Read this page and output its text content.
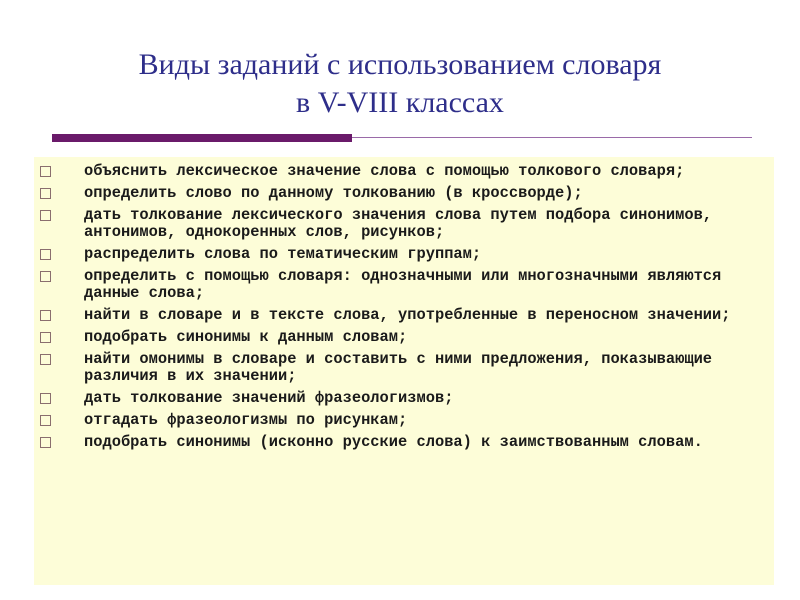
Виды заданий с использованием словаря
в V-VIII классах
объяснить лексическое значение слова с помощью толкового словаря;
определить слово по данному толкованию (в кроссворде);
дать толкование лексического значения слова путем подбора синонимов, антонимов, однокоренных слов, рисунков;
распределить слова по тематическим группам;
определить с помощью словаря: однозначными или многозначными являются данные слова;
найти в словаре и в тексте слова, употребленные в переносном значении;
подобрать синонимы к данным словам;
найти омонимы в словаре и составить с ними предложения, показывающие различия в их значении;
дать толкование значений фразеологизмов;
отгадать фразеологизмы по рисункам;
подобрать синонимы (исконно русские слова) к заимствованным словам.
